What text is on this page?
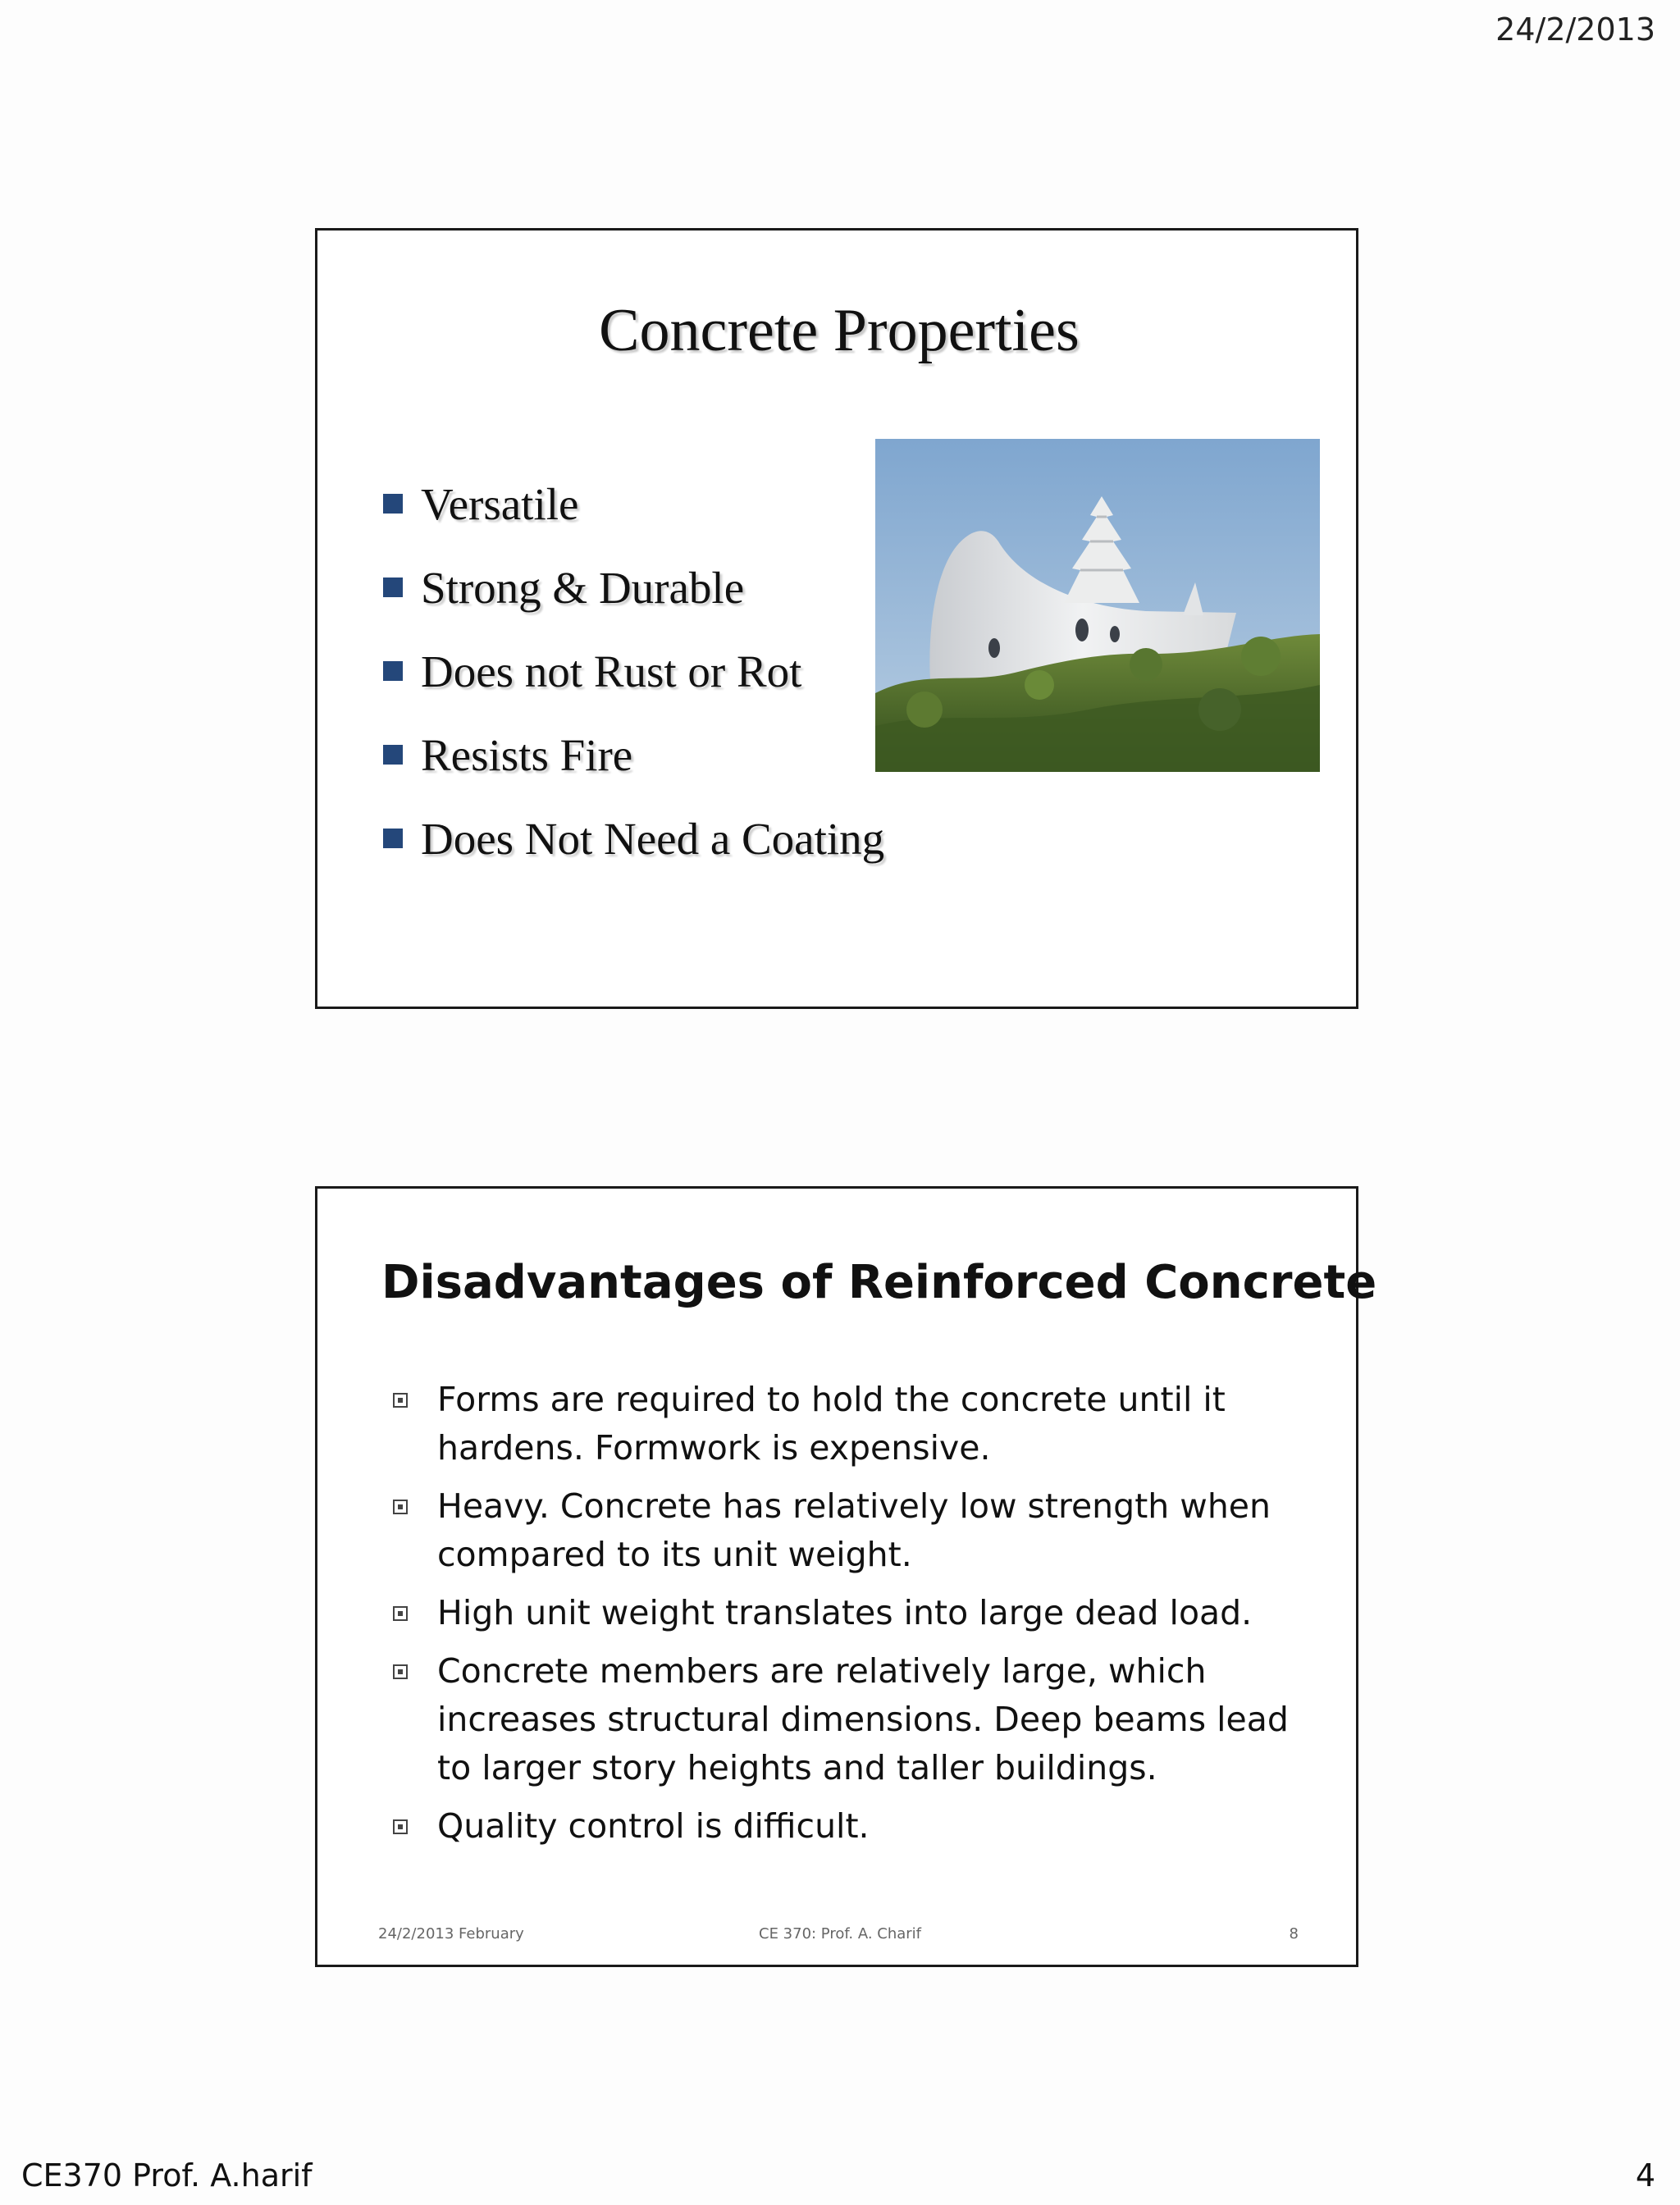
24/2/2013
Concrete Properties
Versatile
Strong & Durable
Does not Rust or Rot
Resists Fire
Does Not Need a Coating
Disadvantages of Reinforced Concrete
Forms are required to hold the concrete until it hardens. Formwork is expensive.
Heavy. Concrete has relatively low strength when compared to its unit weight.
High unit weight translates into large dead load.
Concrete members are relatively large, which increases structural dimensions. Deep beams lead to larger story heights and taller buildings.
Quality control is difficult.
24/2/2013 February	CE 370: Prof. A. Charif	8
CE370 Prof. A.harif	4
